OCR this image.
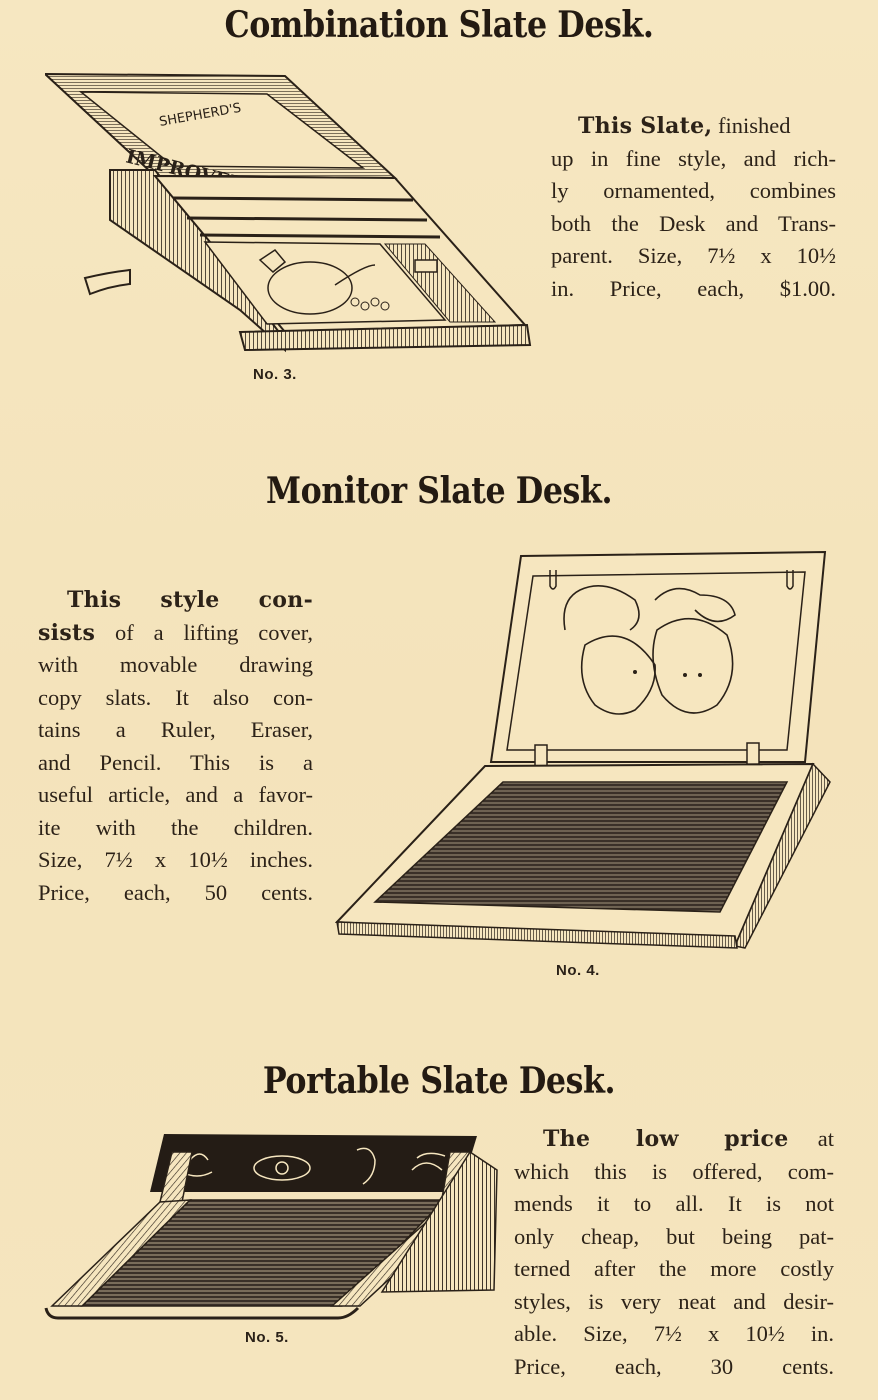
Combination Slate Desk.
SHEPHERD'S
IMPROVED
No. 3.
This Slate, finished
up in fine style, and rich-
ly ornamented, combines
both the Desk and Trans-
parent. Size, 7½ x 10½
in. Price, each, $1.00.
Monitor Slate Desk.
This style con-
sists of a lifting cover,
with movable drawing
copy slats. It also con-
tains a Ruler, Eraser,
and Pencil. This is a
useful article, and a favor-
ite with the children.
Size, 7½ x 10½ inches.
Price, each, 50 cents.
No. 4.
Portable Slate Desk.
No. 5.
The low price at
which this is offered, com-
mends it to all. It is not
only cheap, but being pat-
terned after the more costly
styles, is very neat and desir-
able. Size, 7½ x 10½ in.
Price, each, 30 cents.
